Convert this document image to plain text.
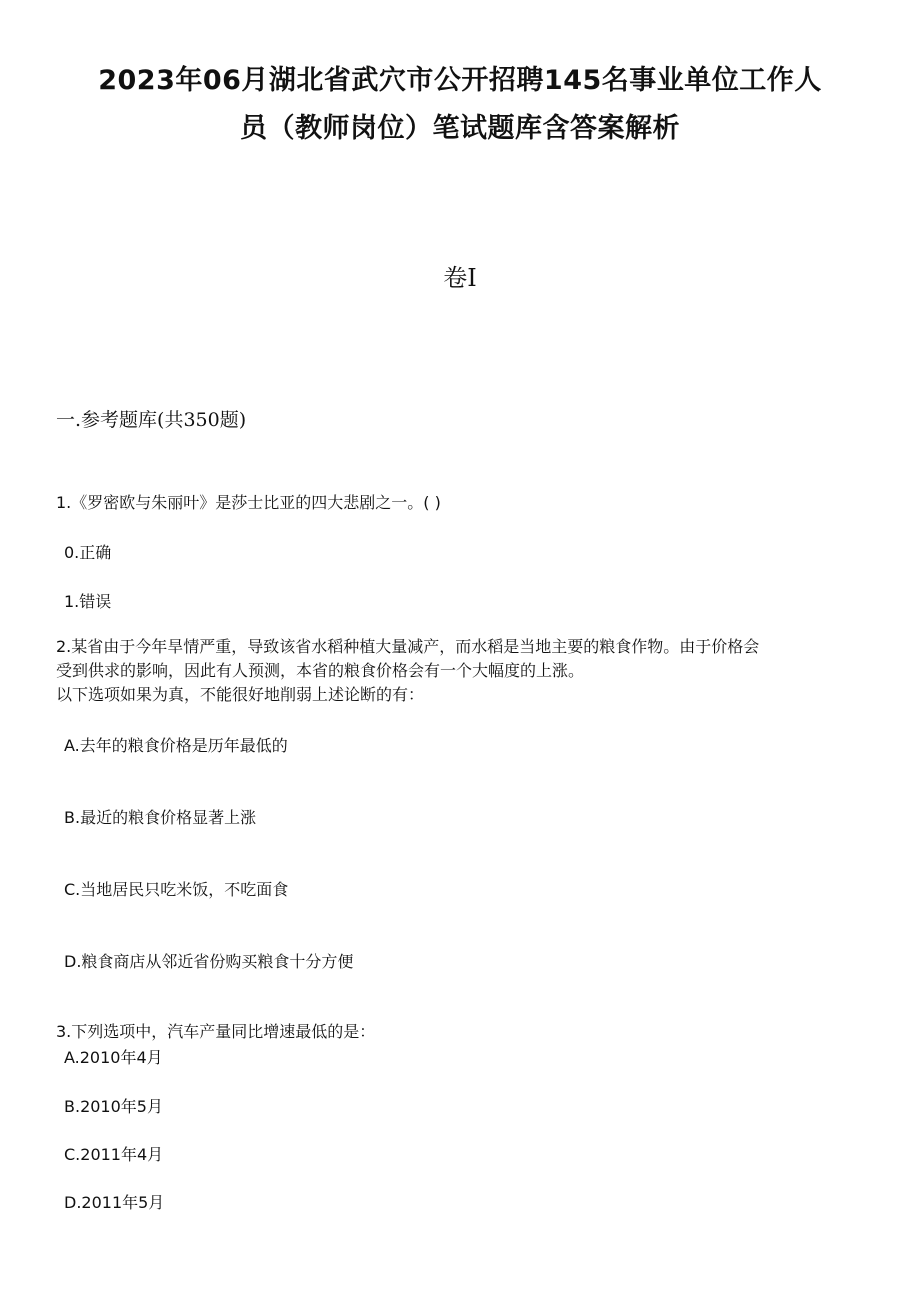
2023年06月湖北省武穴市公开招聘145名事业单位工作人
员（教师岗位）笔试题库含答案解析
卷I
一.参考题库(共350题)
1.《罗密欧与朱丽叶》是莎士比亚的四大悲剧之一。( )
0.正确
1.错误
2.某省由于今年旱情严重，导致该省水稻种植大量减产，而水稻是当地主要的粮食作物。由于价格会
受到供求的影响，因此有人预测，本省的粮食价格会有一个大幅度的上涨。
以下选项如果为真，不能很好地削弱上述论断的有：
A.去年的粮食价格是历年最低的
B.最近的粮食价格显著上涨
C.当地居民只吃米饭，不吃面食
D.粮食商店从邻近省份购买粮食十分方便
3.下列选项中，汽车产量同比增速最低的是：
A.2010年4月
B.2010年5月
C.2011年4月
D.2011年5月
